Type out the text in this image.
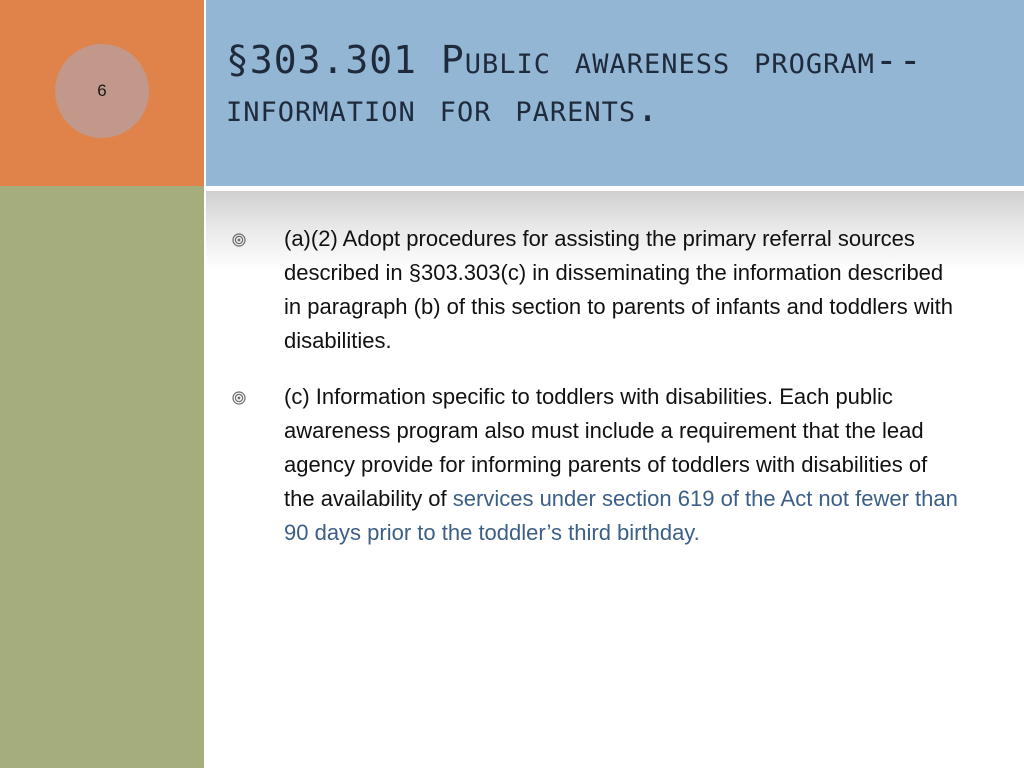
6
§303.301 Public awareness program--information for parents.
(a)(2) Adopt procedures for assisting the primary referral sources described in §303.303(c) in disseminating the information described in paragraph (b) of this section to parents of infants and toddlers with disabilities.
(c) Information specific to toddlers with disabilities. Each public awareness program also must include a requirement that the lead agency provide for informing parents of toddlers with disabilities of the availability of services under section 619 of the Act not fewer than 90 days prior to the toddler’s third birthday.
